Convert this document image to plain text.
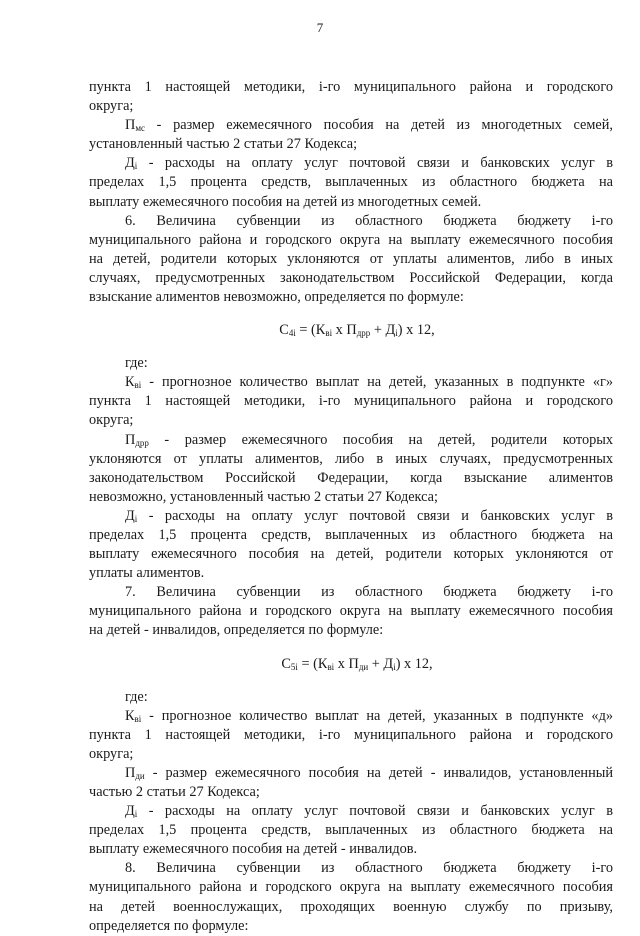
7
пункта 1 настоящей методики, i-го муниципального района и городского
округа;
$П_{мс}$ - размер ежемесячного пособия на детей из многодетных семей,
установленный частью 2 статьи 27 Кодекса;
$Д_i$ - расходы на оплату услуг почтовой связи и банковских услуг в
пределах 1,5 процента средств, выплаченных из областного бюджета на
выплату ежемесячного пособия на детей из многодетных семей.
6. Величина субвенции из областного бюджета бюджету i-го
муниципального района и городского округа на выплату ежемесячного пособия
на детей, родители которых уклоняются от уплаты алиментов, либо в иных
случаях, предусмотренных законодательством Российской Федерации, когда
взыскание алиментов невозможно, определяется по формуле:
$С_{4i} = (К_{вi}$ х $П_{дрр} + Д_i$) х 12,
где:
$К_{вi}$ - прогнозное количество выплат на детей, указанных в подпункте «г»
пункта 1 настоящей методики, i-го муниципального района и городского
округа;
$П_{дрр}$ - размер ежемесячного пособия на детей, родители которых
уклоняются от уплаты алиментов, либо в иных случаях, предусмотренных
законодательством Российской Федерации, когда взыскание алиментов
невозможно, установленный частью 2 статьи 27 Кодекса;
$Д_i$ - расходы на оплату услуг почтовой связи и банковских услуг в
пределах 1,5 процента средств, выплаченных из областного бюджета на
выплату ежемесячного пособия на детей, родители которых уклоняются от
уплаты алиментов.
7. Величина субвенции из областного бюджета бюджету i-го
муниципального района и городского округа на выплату ежемесячного пособия
на детей - инвалидов, определяется по формуле:
$С_{5i} = (К_{вi}$ х $П_{ди} + Д_i$) х 12,
где:
$К_{вi}$ - прогнозное количество выплат на детей, указанных в подпункте «д»
пункта 1 настоящей методики, i-го муниципального района и городского
округа;
$П_{ди}$ - размер ежемесячного пособия на детей - инвалидов, установленный
частью 2 статьи 27 Кодекса;
$Д_i$ - расходы на оплату услуг почтовой связи и банковских услуг в
пределах 1,5 процента средств, выплаченных из областного бюджета на
выплату ежемесячного пособия на детей - инвалидов.
8. Величина субвенции из областного бюджета бюджету i-го
муниципального района и городского округа на выплату ежемесячного пособия
на детей военнослужащих, проходящих военную службу по призыву,
определяется по формуле:
